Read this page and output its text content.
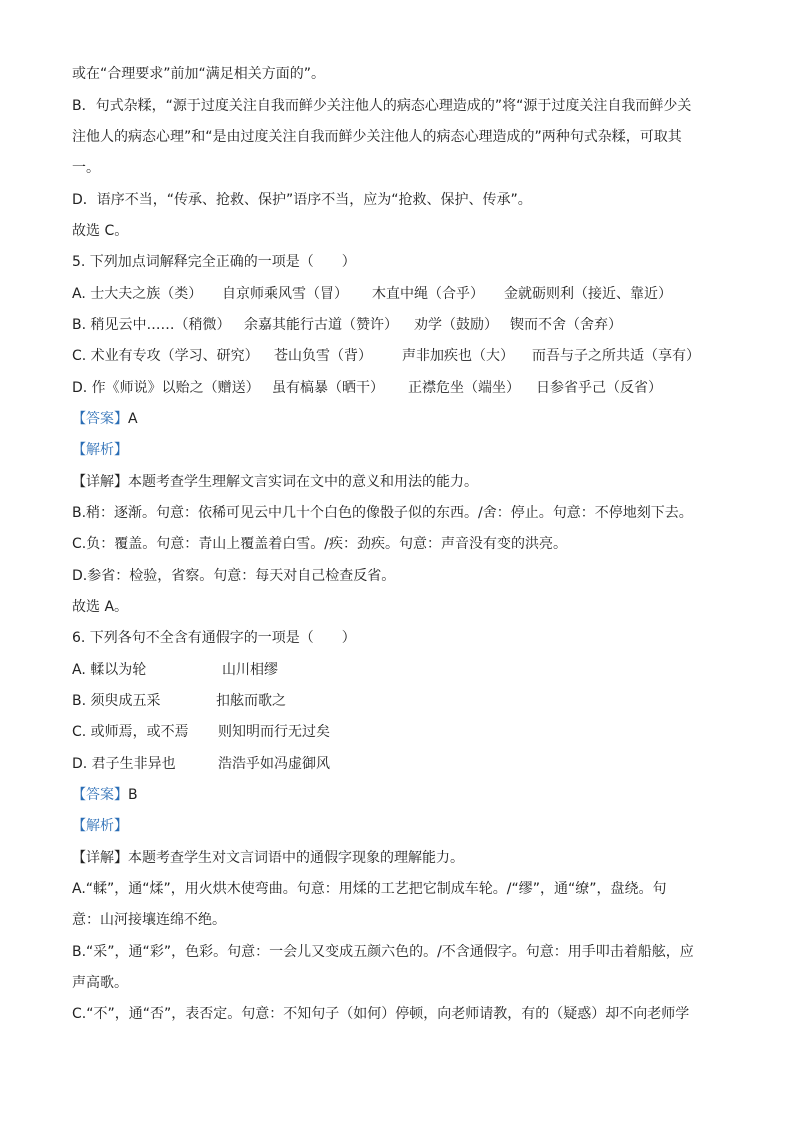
或在“合理要求”前加“满足相关方面的”。
B．句式杂糅，“源于过度关注自我而鲜少关注他人的病态心理造成的”将“源于过度关注自我而鲜少关
注他人的病态心理”和“是由过度关注自我而鲜少关注他人的病态心理造成的”两种句式杂糅，可取其
一。
D．语序不当，“传承、抢救、保护”语序不当，应为“抢救、保护、传承”。
故选 C。
5. 下列加点词解释完全正确的一项是（　　）
A. 士大夫之族（类） 自京师乘风雪（冒） 木直中绳（合乎） 金就砺则利（接近、靠近）
B. 稍见云中……（稍微） 余嘉其能行古道（赞许） 劝学（鼓励） 锲而不舍（舍弃）
C. 术业有专攻（学习、研究） 苍山负雪（背） 声非加疾也（大） 而吾与子之所共适（享有）
D. 作《师说》以贻之（赠送） 虽有槁暴（晒干） 正襟危坐（端坐） 日参省乎己（反省）
【答案】A
【解析】
【详解】本题考查学生理解文言实词在文中的意义和用法的能力。
B.稍：逐渐。句意：依稀可见云中几十个白色的像骰子似的东西。/舍：停止。句意：不停地刻下去。
C.负：覆盖。句意：青山上覆盖着白雪。/疾：劲疾。句意：声音没有变的洪亮。
D.参省：检验，省察。句意：每天对自己检查反省。
故选 A。
6. 下列各句不全含有通假字的一项是（　　）
A. 輮以为轮	山川相缪
B. 须臾成五采	扣舷而歌之
C. 或师焉，或不焉 则知明而行无过矣
D. 君子生非异也	浩浩乎如冯虚御风
【答案】B
【解析】
【详解】本题考查学生对文言词语中的通假字现象的理解能力。
A.“輮”，通“煣”，用火烘木使弯曲。句意：用煣的工艺把它制成车轮。/“缪”，通“缭”，盘绕。句
意：山河接壤连绵不绝。
B.“采”，通“彩”，色彩。句意：一会儿又变成五颜六色的。/不含通假字。句意：用手叩击着船舷，应
声高歌。
C.“不”，通“否”，表否定。句意：不知句子（如何）停顿，向老师请教，有的（疑惑）却不向老师学
